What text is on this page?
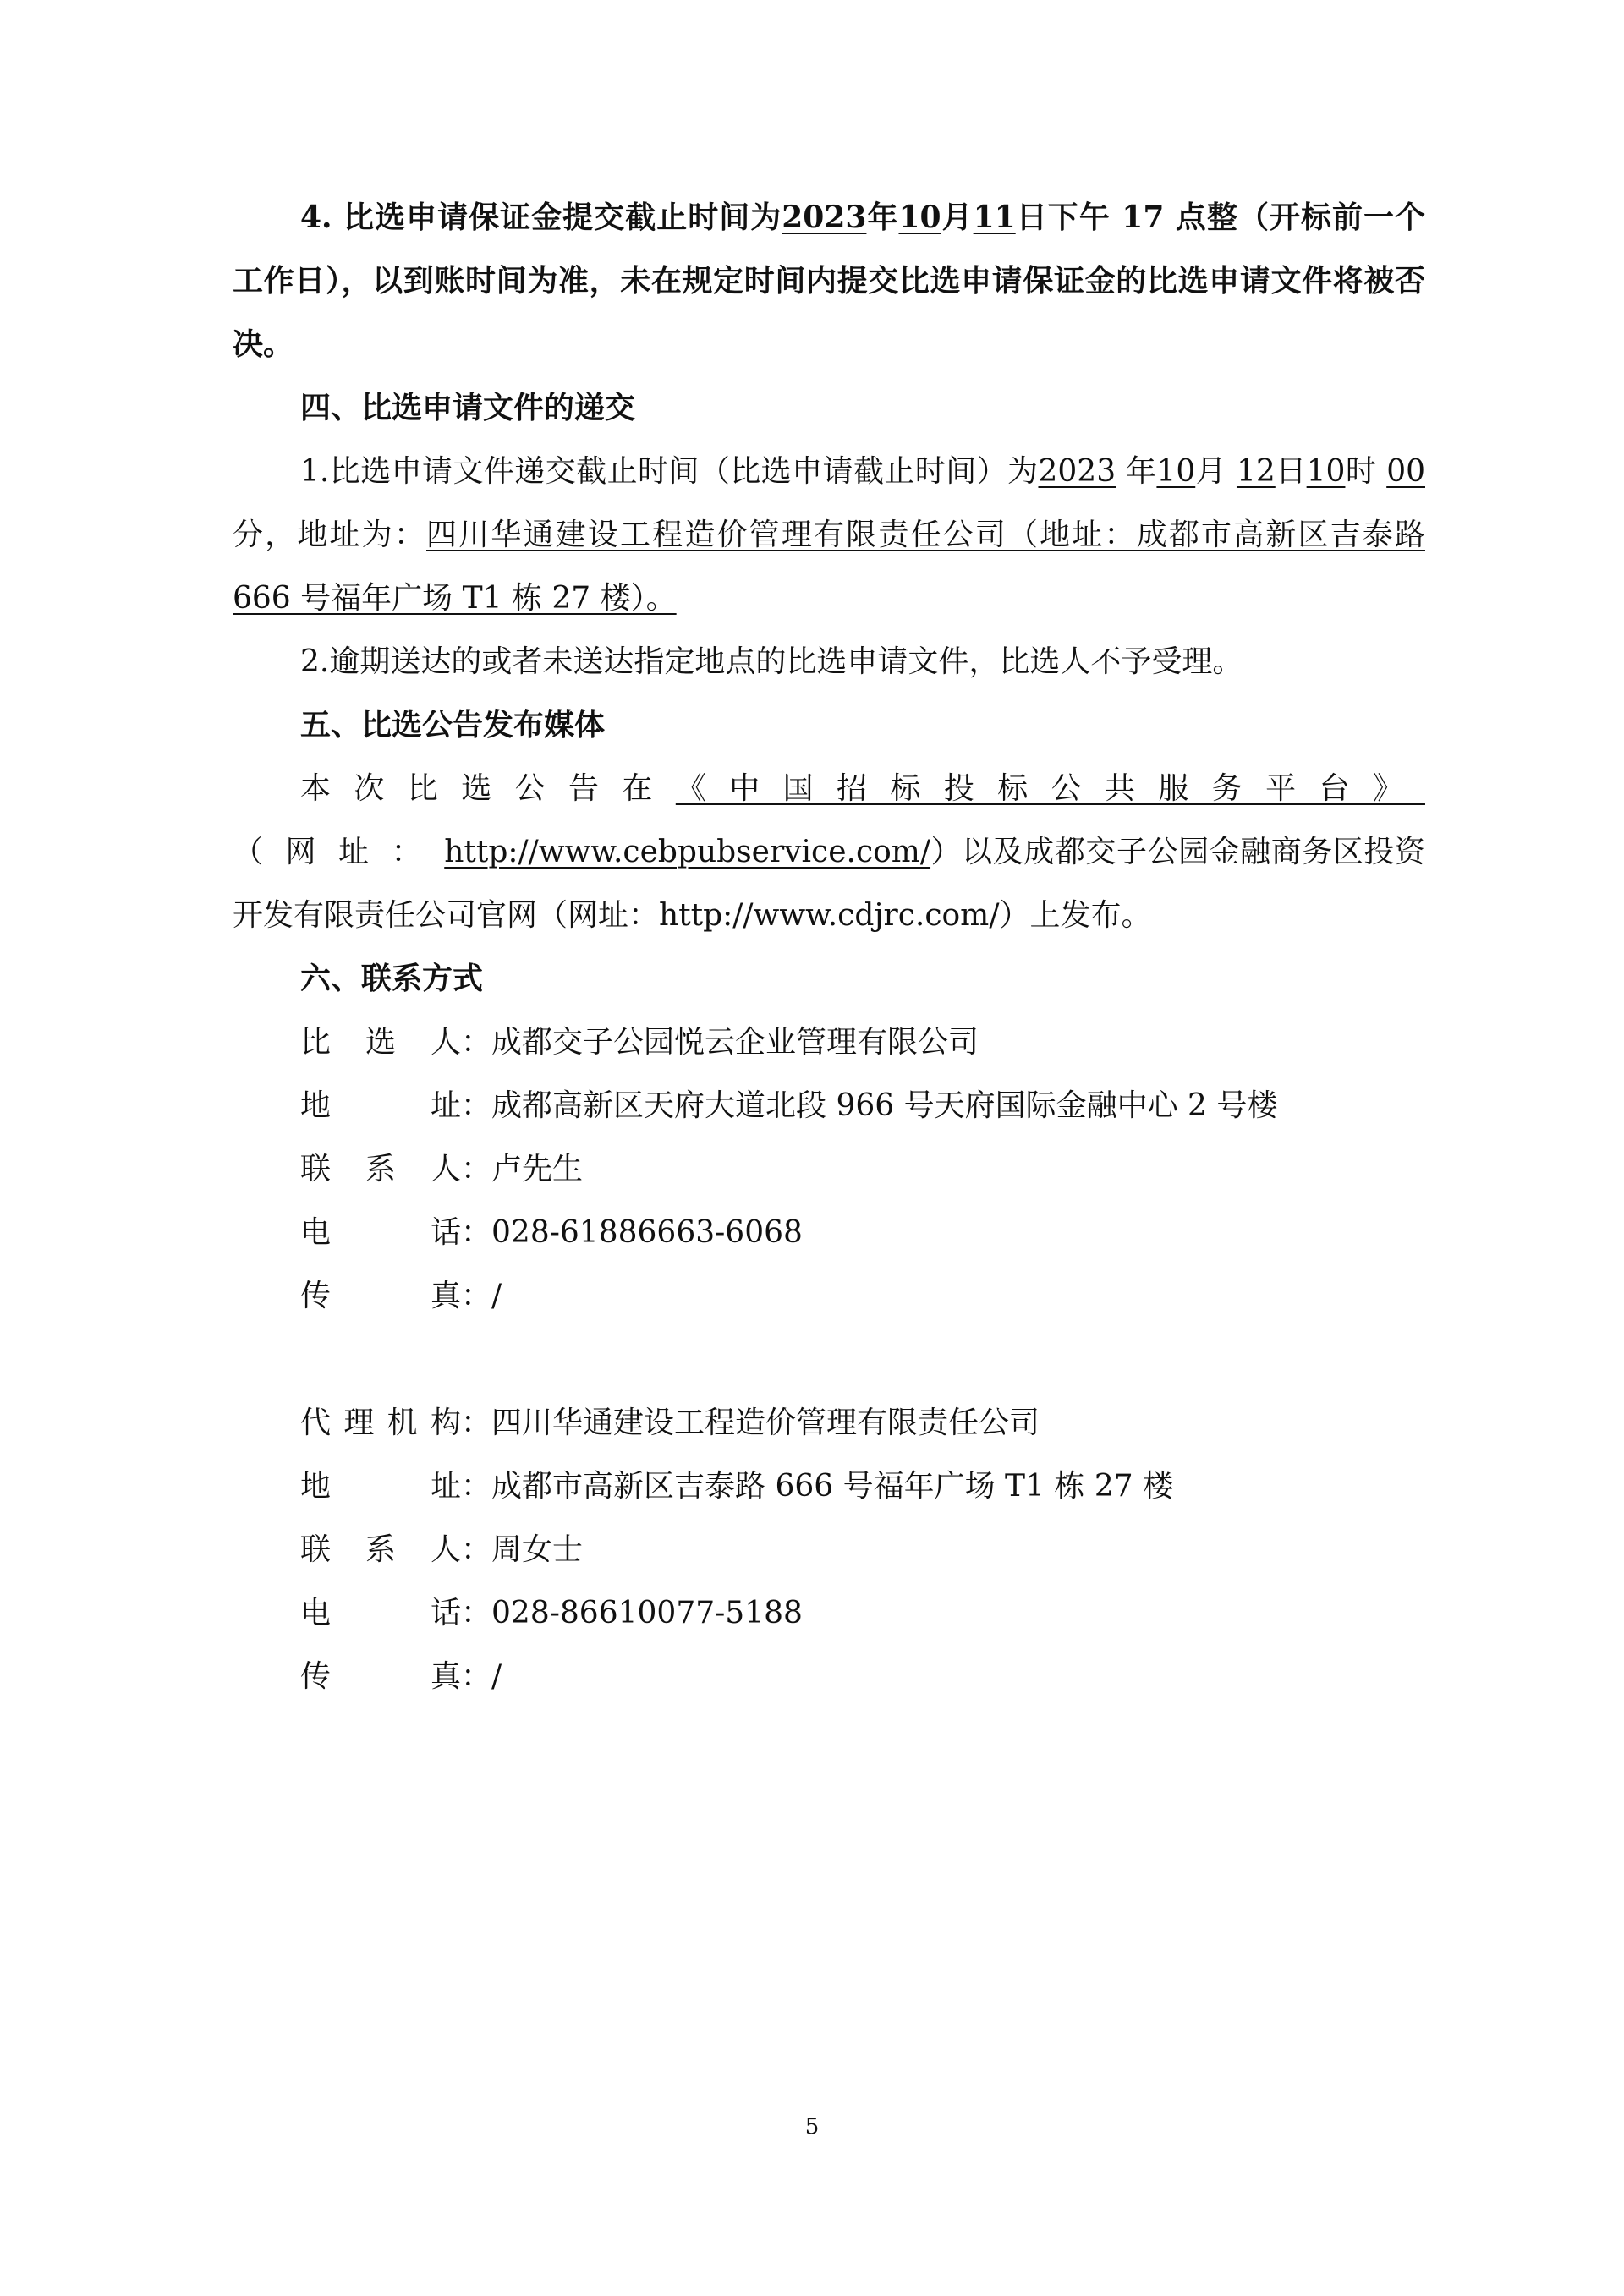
4. 比选申请保证金提交截止时间为2023年10月11日下午 17 点整（开标前一个工作日），以到账时间为准，未在规定时间内提交比选申请保证金的比选申请文件将被否决。

四、比选申请文件的递交

1.比选申请文件递交截止时间（比选申请截止时间）为2023 年10月 12日10时 00分，地址为：四川华通建设工程造价管理有限责任公司（地址：成都市高新区吉泰路 666 号福年广场 T1 栋 27 楼）。

2.逾期送达的或者未送达指定地点的比选申请文件，比选人不予受理。

五、比选公告发布媒体

本次比选公告在《中国招标投标公共服务平台》（网址：http://www.cebpubservice.com/）以及成都交子公园金融商务区投资开发有限责任公司官网（网址：http://www.cdjrc.com/）上发布。

六、联系方式

比选人 ： 成都交子公园悦云企业管理有限公司

地址 ： 成都高新区天府大道北段 966 号天府国际金融中心 2 号楼

联系人 ： 卢先生

电话 ： 028-61886663-6068

传真 ： /

代理机构 ： 四川华通建设工程造价管理有限责任公司

地址 ： 成都市高新区吉泰路 666 号福年广场 T1 栋 27 楼

联系人 ： 周女士

电话 ： 028-86610077-5188

传真 ： /

5
